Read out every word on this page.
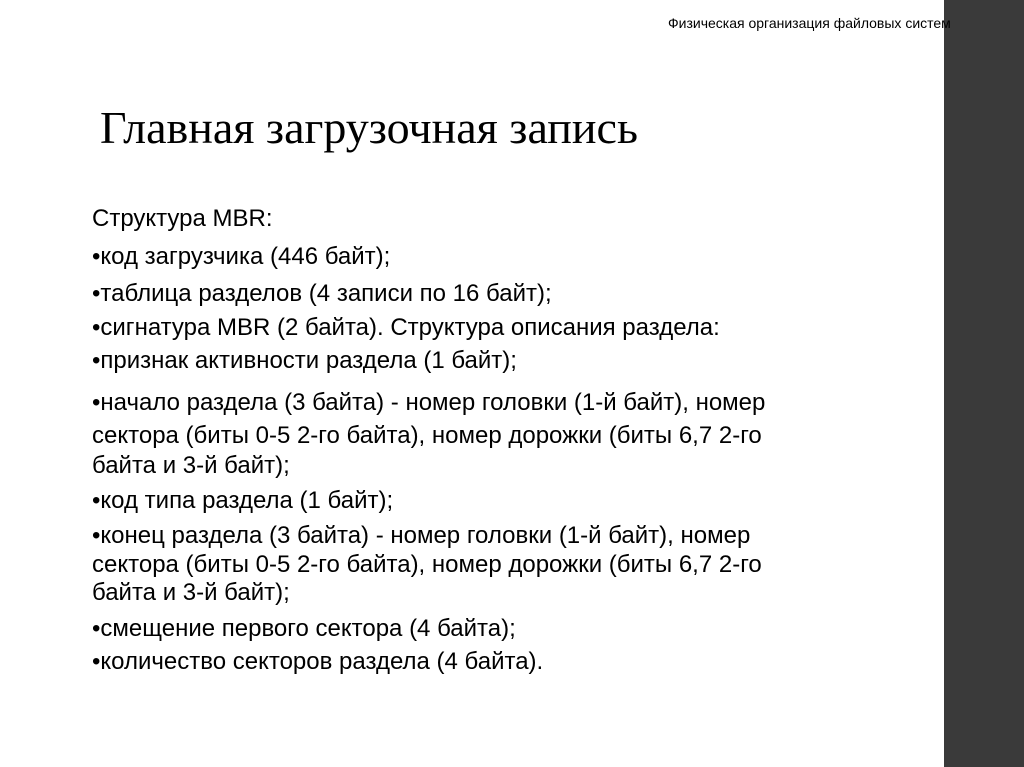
Физическая организация файловых систем
Главная загрузочная запись
Структура MBR:
•код загрузчика (446 байт);
•таблица разделов (4 записи по 16 байт);
•сигнатура MBR (2 байта). Структура описания раздела:
•признак активности раздела (1 байт);
•начало раздела (3 байта) - номер головки (1-й байт), номер
сектора (биты 0-5 2-го байта), номер дорожки (биты 6,7 2-го
байта и 3-й байт);
•код типа раздела (1 байт);
•конец раздела (3 байта) - номер головки (1-й байт), номер
сектора (биты 0-5 2-го байта), номер дорожки (биты 6,7 2-го
байта и 3-й байт);
•смещение первого сектора (4 байта);
•количество секторов раздела (4 байта).
